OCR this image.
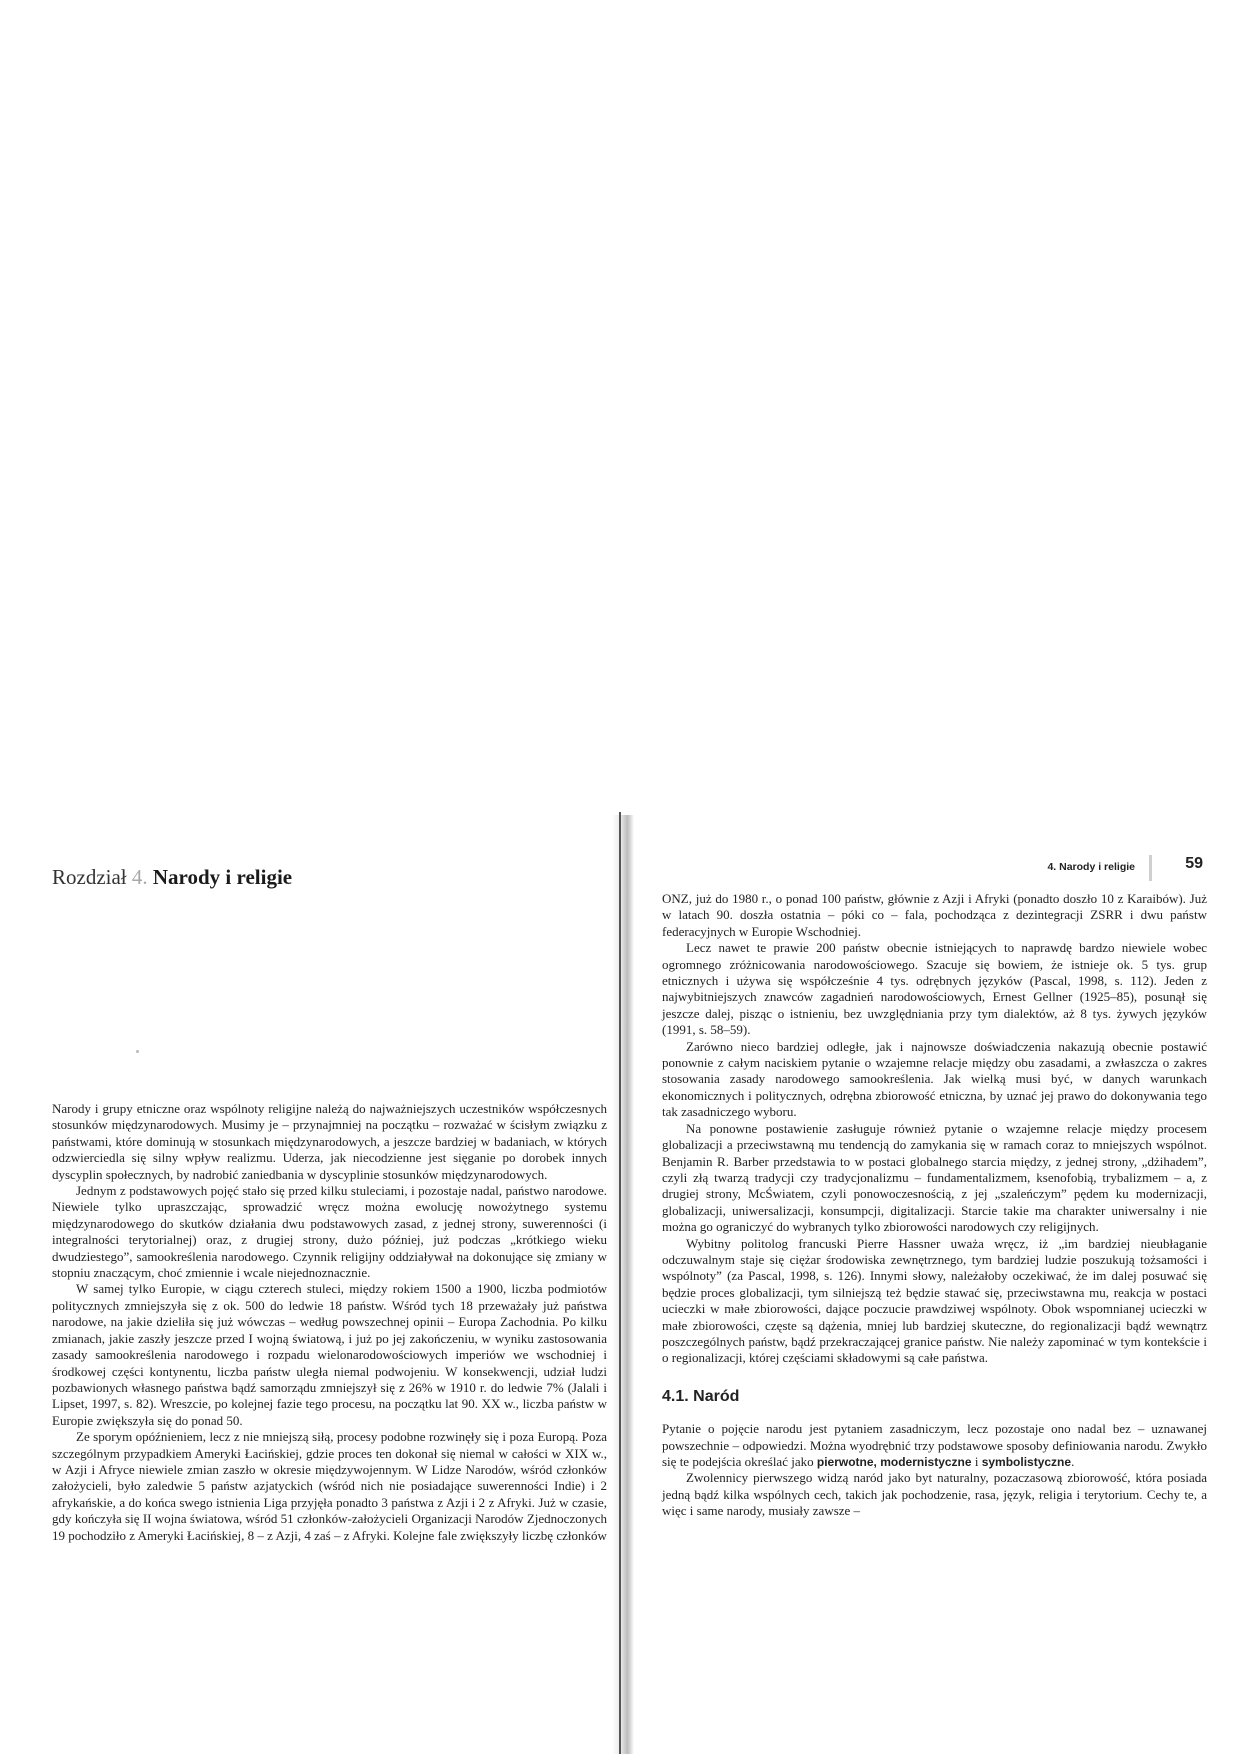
Rozdział 4. Narody i religie

Narody i grupy etniczne oraz wspólnoty religijne należą do najważniejszych uczestników współczesnych stosunków międzynarodowych. Musimy je – przynajmniej na początku – rozważać w ścisłym związku z państwami, które dominują w stosunkach międzynarodowych, a jeszcze bardziej w badaniach, w których odzwierciedla się silny wpływ realizmu. Uderza, jak niecodzienne jest sięganie po dorobek innych dyscyplin społecznych, by nadrobić zaniedbania w dyscyplinie stosunków międzynarodowych.

Jednym z podstawowych pojęć stało się przed kilku stuleciami, i pozostaje nadal, państwo narodowe. Niewiele tylko upraszczając, sprowadzić wręcz można ewolucję nowożytnego systemu międzynarodowego do skutków działania dwu podstawowych zasad, z jednej strony, suwerenności (i integralności terytorialnej) oraz, z drugiej strony, dużo później, już podczas „krótkiego wieku dwudziestego”, samookreślenia narodowego. Czynnik religijny oddziaływał na dokonujące się zmiany w stopniu znaczącym, choć zmiennie i wcale niejednoznacznie.

W samej tylko Europie, w ciągu czterech stuleci, między rokiem 1500 a 1900, liczba podmiotów politycznych zmniejszyła się z ok. 500 do ledwie 18 państw. Wśród tych 18 przeważały już państwa narodowe, na jakie dzieliła się już wówczas – według powszechnej opinii – Europa Zachodnia. Po kilku zmianach, jakie zaszły jeszcze przed I wojną światową, i już po jej zakończeniu, w wyniku zastosowania zasady samookreślenia narodowego i rozpadu wielonarodowościowych imperiów we wschodniej i środkowej części kontynentu, liczba państw uległa niemal podwojeniu. W konsekwencji, udział ludzi pozbawionych własnego państwa bądź samorządu zmniejszył się z 26% w 1910 r. do ledwie 7% (Jalali i Lipset, 1997, s. 82). Wreszcie, po kolejnej fazie tego procesu, na początku lat 90. XX w., liczba państw w Europie zwiększyła się do ponad 50.

Ze sporym opóźnieniem, lecz z nie mniejszą siłą, procesy podobne rozwinęły się i poza Europą. Poza szczególnym przypadkiem Ameryki Łacińskiej, gdzie proces ten dokonał się niemal w całości w XIX w., w Azji i Afryce niewiele zmian zaszło w okresie międzywojennym. W Lidze Narodów, wśród członków założycieli, było zaledwie 5 państw azjatyckich (wśród nich nie posiadające suwerenności Indie) i 2 afrykańskie, a do końca swego istnienia Liga przyjęła ponadto 3 państwa z Azji i 2 z Afryki. Już w czasie, gdy kończyła się II wojna światowa, wśród 51 członków-założycieli Organizacji Narodów Zjednoczonych 19 pochodziło z Ameryki Łacińskiej, 8 – z Azji, 4 zaś – z Afryki. Kolejne fale zwiększyły liczbę członków

4. Narody i religie	59

ONZ, już do 1980 r., o ponad 100 państw, głównie z Azji i Afryki (ponadto doszło 10 z Karaibów). Już w latach 90. doszła ostatnia – póki co – fala, pochodząca z dezintegracji ZSRR i dwu państw federacyjnych w Europie Wschodniej.

Lecz nawet te prawie 200 państw obecnie istniejących to naprawdę bardzo niewiele wobec ogromnego zróżnicowania narodowościowego. Szacuje się bowiem, że istnieje ok. 5 tys. grup etnicznych i używa się współcześnie 4 tys. odrębnych języków (Pascal, 1998, s. 112). Jeden z najwybitniejszych znawców zagadnień narodowościowych, Ernest Gellner (1925–85), posunął się jeszcze dalej, pisząc o istnieniu, bez uwzględniania przy tym dialektów, aż 8 tys. żywych języków (1991, s. 58–59).

Zarówno nieco bardziej odległe, jak i najnowsze doświadczenia nakazują obecnie postawić ponownie z całym naciskiem pytanie o wzajemne relacje między obu zasadami, a zwłaszcza o zakres stosowania zasady narodowego samookreślenia. Jak wielką musi być, w danych warunkach ekonomicznych i politycznych, odrębna zbiorowość etniczna, by uznać jej prawo do dokonywania tego tak zasadniczego wyboru.

Na ponowne postawienie zasługuje również pytanie o wzajemne relacje między procesem globalizacji a przeciwstawną mu tendencją do zamykania się w ramach coraz to mniejszych wspólnot. Benjamin R. Barber przedstawia to w postaci globalnego starcia między, z jednej strony, „dżihadem”, czyli złą twarzą tradycji czy tradycjonalizmu – fundamentalizmem, ksenofobią, trybalizmem – a, z drugiej strony, McŚwiatem, czyli ponowoczesnością, z jej „szaleńczym” pędem ku modernizacji, globalizacji, uniwersalizacji, konsumpcji, digitalizacji. Starcie takie ma charakter uniwersalny i nie można go ograniczyć do wybranych tylko zbiorowości narodowych czy religijnych.

Wybitny politolog francuski Pierre Hassner uważa wręcz, iż „im bardziej nieubłaganie odczuwalnym staje się ciężar środowiska zewnętrznego, tym bardziej ludzie poszukują tożsamości i wspólnoty” (za Pascal, 1998, s. 126). Innymi słowy, należałoby oczekiwać, że im dalej posuwać się będzie proces globalizacji, tym silniejszą też będzie stawać się, przeciwstawna mu, reakcja w postaci ucieczki w małe zbiorowości, dające poczucie prawdziwej wspólnoty. Obok wspomnianej ucieczki w małe zbiorowości, częste są dążenia, mniej lub bardziej skuteczne, do regionalizacji bądź wewnątrz poszczególnych państw, bądź przekraczającej granice państw. Nie należy zapominać w tym kontekście i o regionalizacji, której częściami składowymi są całe państwa.

4.1. Naród

Pytanie o pojęcie narodu jest pytaniem zasadniczym, lecz pozostaje ono nadal bez – uznawanej powszechnie – odpowiedzi. Można wyodrębnić trzy podstawowe sposoby definiowania narodu. Zwykło się te podejścia określać jako pierwotne, modernistyczne i symbolistyczne.

Zwolennicy pierwszego widzą naród jako byt naturalny, pozaczasową zbiorowość, która posiada jedną bądź kilka wspólnych cech, takich jak pochodzenie, rasa, język, religia i terytorium. Cechy te, a więc i same narody, musiały zawsze –
